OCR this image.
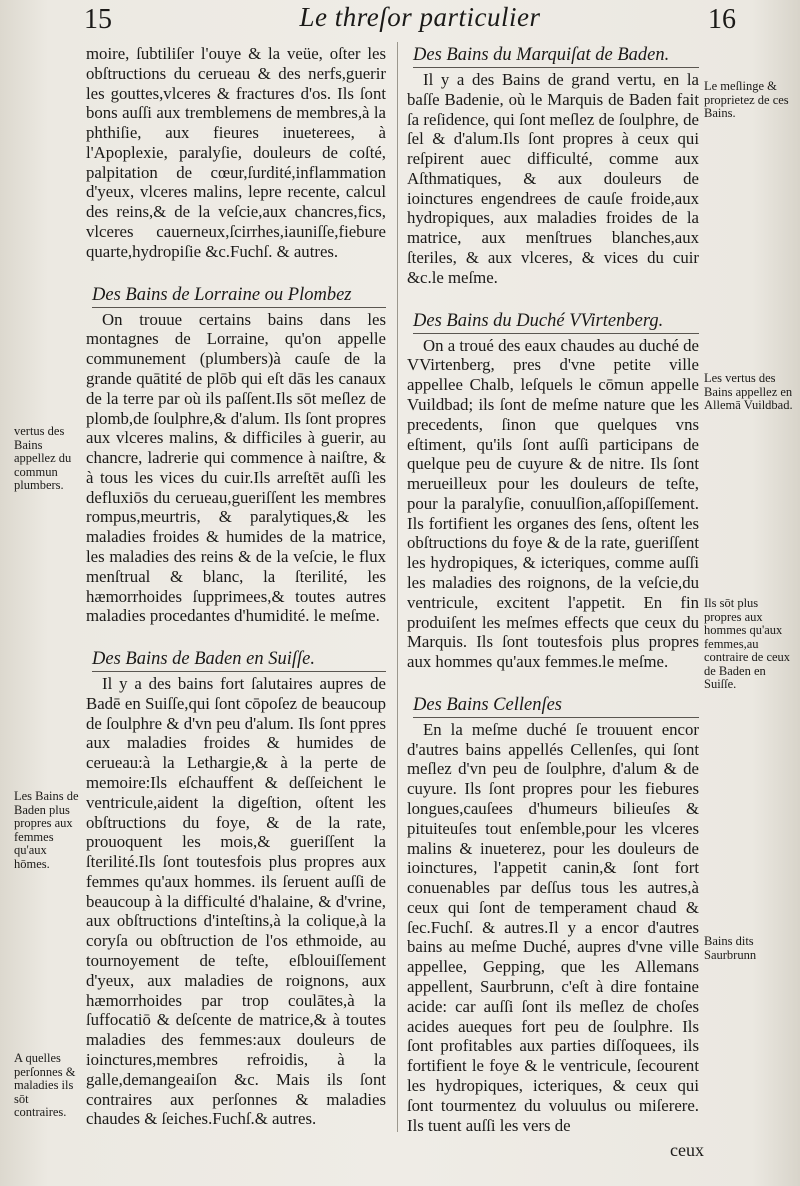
15	Le threſor particulier	16

moire, ſubtiliſer l'ouye & la veüe, oſter les obſtructions du cerueau & des nerfs,guerir les gouttes,vlceres & fractures d'os. Ils ſont bons auſſi aux tremblemens de membres,à la phthiſie, aux fieures inueterees, à l'Apoplexie, paralyſie, douleurs de coſté, palpitation de cœur,ſurdité,inflammation d'yeux, vlceres malins, lepre recente, calcul des reins,& de la veſcie,aux chancres,fics, vlceres cauerneux,ſcirrhes,iauniſſe,fiebure quarte,hydropiſie &c.Fuchſ. & autres.

Des Bains de Lorraine ou Plombez

On trouue certains bains dans les montagnes de Lorraine, qu'on appelle communement (plumbers)à cauſe de la grande quātité de plōb qui eſt dās les canaux de la terre par où ils paſſent.Ils sōt meſlez de plomb,de ſoulphre,& d'alum. Ils ſont propres aux vlceres malins, & difficiles à guerir, au chancre, ladrerie qui commence à naiſtre, & à tous les vices du cuir.Ils arreſtēt auſſi les defluxiōs du cerueau,gueriſſent les membres rompus,meurtris, & paralytiques,& les maladies froides & humides de la matrice, les maladies des reins & de la veſcie, le flux menſtrual & blanc, la ſterilité, les hæmorrhoides ſupprimees,& toutes autres maladies procedantes d'humidité. le meſme.

Des Bains de Baden en Suiſſe.

Il y a des bains fort ſalutaires aupres de Badē en Suiſſe,qui ſont cōpoſez de beaucoup de ſoulphre & d'vn peu d'alum. Ils ſont ppres aux maladies froides & humides de cerueau:à la Lethargie,& à la perte de memoire:Ils eſchauffent & deſſeichent le ventricule,aident la digeſtion, oſtent les obſtructions du foye, & de la rate, prouoquent les mois,& gueriſſent la ſterilité.Ils ſont toutesfois plus propres aux femmes qu'aux hommes. ils ſeruent auſſi de beaucoup à la difficulté d'halaine, & d'vrine, aux obſtructions d'inteſtins,à la colique,à la coryſa ou obſtruction de l'os ethmoide, au tournoyement de teſte, eſblouiſſement d'yeux, aux maladies de roignons, aux hæmorrhoides par trop coulātes,à la ſuffocatiō & deſcente de matrice,& à toutes maladies des femmes:aux douleurs de ioinctures,membres refroidis, à la galle,demangeaiſon &c. Mais ils ſont contraires aux perſonnes & maladies chaudes & ſeiches.Fuchſ.& autres.

Des Bains du Marquiſat de Baden.

Il y a des Bains de grand vertu, en la baſſe Badenie, où le Marquis de Baden fait ſa reſidence, qui ſont meſlez de ſoulphre, de ſel & d'alum.Ils ſont propres à ceux qui reſpirent auec difficulté, comme aux Aſthmatiques, & aux douleurs de ioinctures engendrees de cauſe froide,aux hydropiques, aux maladies froides de la matrice, aux menſtrues blanches,aux ſteriles, & aux vlceres, & vices du cuir &c.le meſme.

Des Bains du Duché VVirtenberg.

On a troué des eaux chaudes au duché de VVirtenberg, pres d'vne petite ville appellee Chalb, leſquels le cōmun appelle Vuildbad; ils ſont de meſme nature que les precedents, ſinon que quelques vns eſtiment, qu'ils ſont auſſi participans de quelque peu de cuyure & de nitre. Ils ſont merueilleux pour les douleurs de teſte, pour la paralyſie, conuulſion,aſſopiſſement. Ils fortifient les organes des ſens, oſtent les obſtructions du foye & de la rate, gueriſſent les hydropiques, & icteriques, comme auſſi les maladies des roignons, de la veſcie,du ventricule, excitent l'appetit. En fin produiſent les meſmes effects que ceux du Marquis. Ils ſont toutesfois plus propres aux hommes qu'aux femmes.le meſme.

Des Bains Cellenſes

En la meſme duché ſe trouuent encor d'autres bains appellés Cellenſes, qui ſont meſlez d'vn peu de ſoulphre, d'alum & de cuyure. Ils ſont propres pour les fiebures longues,cauſees d'humeurs bilieuſes & pituiteuſes tout enſemble,pour les vlceres malins & inueterez, pour les douleurs de ioinctures, l'appetit canin,& ſont fort conuenables par deſſus tous les autres,à ceux qui ſont de temperament chaud & ſec.Fuchſ. & autres.Il y a encor d'autres bains au meſme Duché, aupres d'vne ville appellee, Gepping, que les Allemans appellent, Saurbrunn, c'eſt à dire fontaine acide: car auſſi ſont ils meſlez de choſes acides aueques fort peu de ſoulphre. Ils ſont profitables aux parties diſſoquees, ils fortifient le foye & le ventricule, ſecourent les hydropiques, icteriques, & ceux qui ſont tourmentez du voluulus ou miſerere. Ils tuent auſſi les vers de

vertus des Bains appellez du commun plumbers.
Les Bains de Baden plus propres aux femmes qu'aux hōmes.
A quelles perſonnes & maladies ils sōt contraires.
Le meſlinge & proprietez de ces Bains.
Les vertus des Bains appellez en Allemā Vuildbad.
Ils sōt plus propres aux hommes qu'aux femmes,au contraire de ceux de Baden en Suiſſe.
Bains dits Saurbrunn
ceux
